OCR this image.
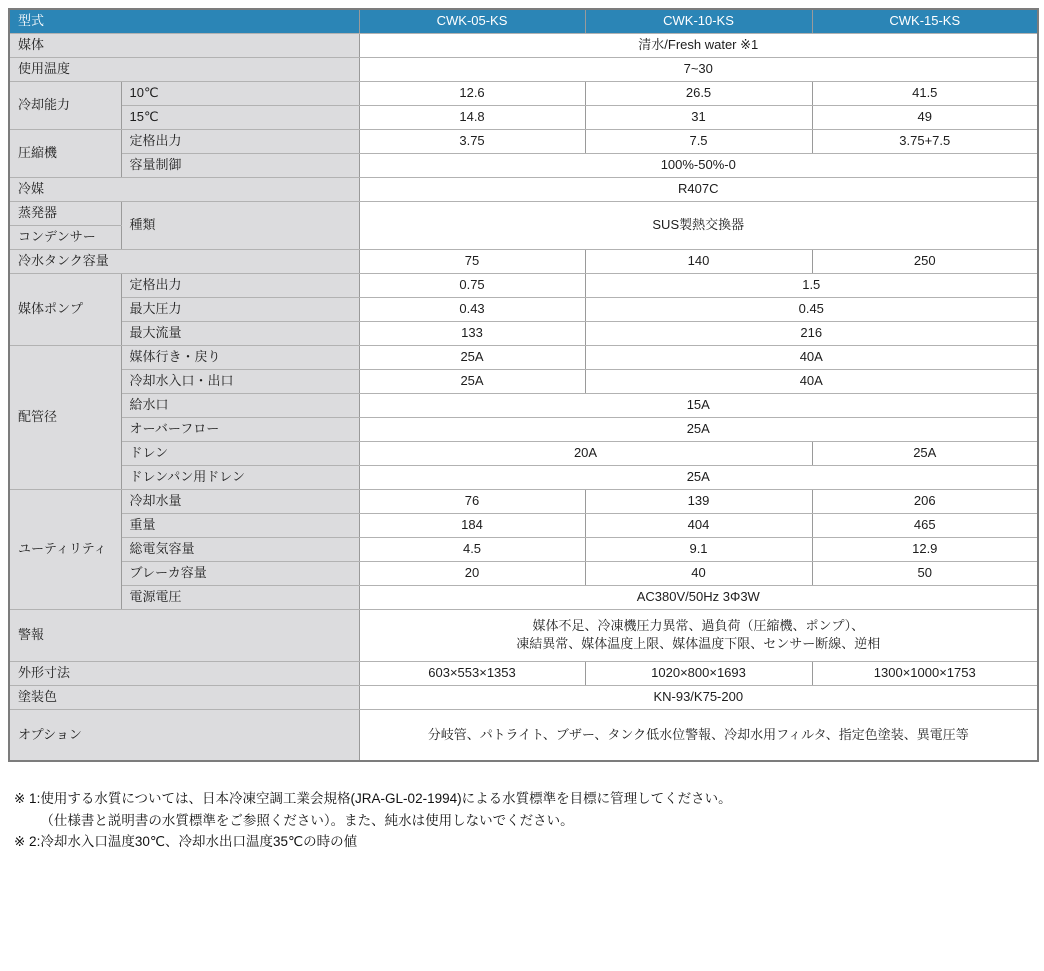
型式		CWK-05-KS	CWK-10-KS	CWK-15-KS
媒体		清水/Fresh water ※1		
使用温度		7~30		
冷却能力	10℃	12.6	26.5	41.5
	15℃	14.8	31	49
圧縮機	定格出力	3.75	7.5	3.75+7.5
	容量制御	100%-50%-0		
冷媒		R407C		
蒸発器	種類	SUS製熱交換器		
コンデンサー				
冷水タンク容量		75	140	250
媒体ポンプ	定格出力	0.75	1.5	
	最大圧力	0.43	0.45	
	最大流量	133	216	
配管径	媒体行き・戻り	25A	40A	
	冷却水入口・出口	25A	40A	
	給水口	15A		
	オーバーフロー	25A		
	ドレン	20A		25A
	ドレンパン用ドレン	25A		
ユーティリティ	冷却水量	76	139	206
	重量	184	404	465
	総電気容量	4.5	9.1	12.9
	ブレーカ容量	20	40	50
	電源電圧	AC380V/50Hz 3Φ3W		
警報		媒体不足、冷凍機圧力異常、過負荷（圧縮機、ポンプ）、
凍結異常、媒体温度上限、媒体温度下限、センサー断線、逆相		
外形寸法		603×553×1353	1020×800×1693	1300×1000×1753
塗装色		KN-93/K75-200		
オプション		分岐管、パトライト、ブザー、タンク低水位警報、冷却水用フィルタ、指定色塗装、異電圧等		
※ 1: 使用する水質については、日本冷凍空調工業会規格(JRA-GL-02-1994)による水質標準を目標に管理してください。
（仕様書と説明書の水質標準をご参照ください）。また、純水は使用しないでください。
※ 2: 冷却水入口温度30℃、冷却水出口温度35℃の時の値
